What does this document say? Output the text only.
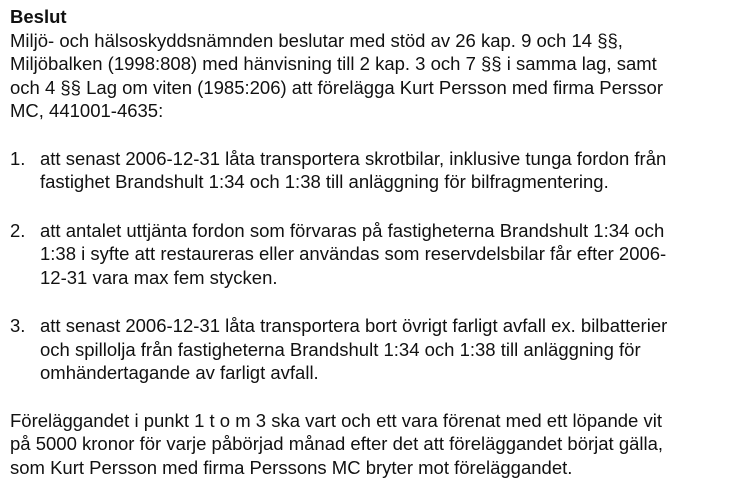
Beslut
Miljö- och hälsoskyddsnämnden beslutar med stöd av 26 kap. 9 och 14 §§,
Miljöbalken (1998:808) med hänvisning till 2 kap. 3 och 7 §§ i samma lag, samt
och 4 §§ Lag om viten (1985:206) att förelägga Kurt Persson med firma Perssor
MC, 441001-4635:
1. att senast 2006-12-31 låta transportera skrotbilar, inklusive tunga fordon från
fastighet Brandshult 1:34 och 1:38 till anläggning för bilfragmentering.
2. att antalet uttjänta fordon som förvaras på fastigheterna Brandshult 1:34 och
1:38 i syfte att restaureras eller användas som reservdelsbilar får efter 2006-
12-31 vara max fem stycken.
3. att senast 2006-12-31 låta transportera bort övrigt farligt avfall ex. bilbatterier
och spillolja från fastigheterna Brandshult 1:34 och 1:38 till anläggning för
omhändertagande av farligt avfall.
Föreläggandet i punkt 1 t o m 3 ska vart och ett vara förenat med ett löpande vit
på 5000 kronor för varje påbörjad månad efter det att föreläggandet börjat gälla,
som Kurt Persson med firma Perssons MC bryter mot föreläggandet.
